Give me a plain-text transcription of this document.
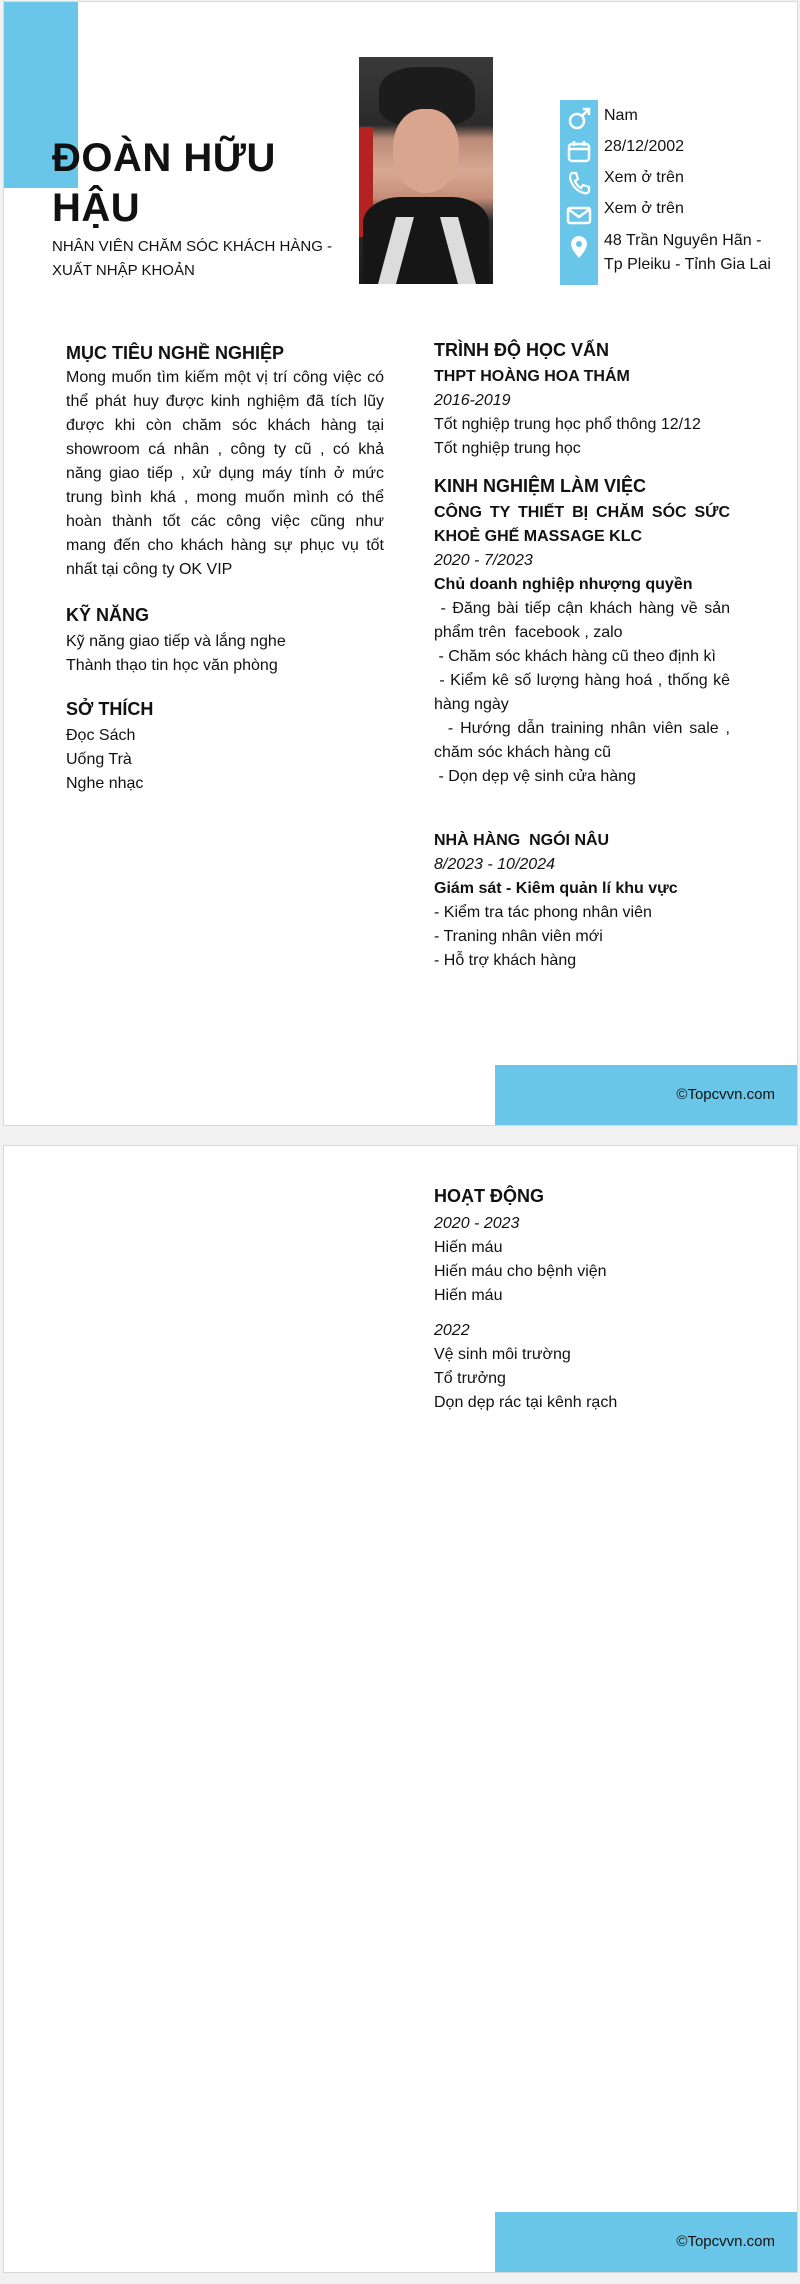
ĐOÀN HỮU HẬU

NHÂN VIÊN CHĂM SÓC KHÁCH HÀNG - XUẤT NHẬP KHOẢN

Nam

28/12/2002

Xem ở trên

Xem ở trên

48 Trần Nguyên Hãn - Tp Pleiku - Tỉnh Gia Lai

MỤC TIÊU NGHỀ NGHIỆP

Mong muốn tìm kiếm một vị trí công việc có thể phát huy được kinh nghiệm đã tích lũy được khi còn chăm sóc khách hàng tại showroom cá nhân , công ty cũ , có khả năng giao tiếp , xử dụng máy tính ở mức trung bình khá , mong muốn mình có thể hoàn thành tốt các công việc cũng như mang đến cho khách hàng sự phục vụ tốt nhất tại công ty OK VIP

KỸ NĂNG

Kỹ năng giao tiếp và lắng nghe

Thành thạo tin học văn phòng

SỞ THÍCH

Đọc Sách

Uống Trà

Nghe nhạc

TRÌNH ĐỘ HỌC VẤN

THPT HOÀNG HOA THÁM

2016-2019

Tốt nghiệp trung học phổ thông 12/12

Tốt nghiệp trung học

KINH NGHIỆM LÀM VIỆC

CÔNG TY THIẾT BỊ CHĂM SÓC SỨC KHOẺ GHẾ MASSAGE KLC

2020 - 7/2023

Chủ doanh nghiệp nhượng quyền

- Đăng bài tiếp cận khách hàng về sản phẩm trên  facebook , zalo

- Chăm sóc khách hàng cũ theo định kì

- Kiểm kê số lượng hàng hoá , thống kê hàng ngày

- Hướng dẫn training nhân viên sale , chăm sóc khách hàng cũ

- Dọn dẹp vệ sinh cửa hàng

NHÀ HÀNG  NGÓI NÂU

8/2023 - 10/2024

Giám sát - Kiêm quản lí khu vực

- Kiểm tra tác phong nhân viên

- Traning nhân viên mới

- Hỗ trợ khách hàng

©Topcvvn.com
HOẠT ĐỘNG

2020 - 2023

Hiến máu

Hiến máu cho bệnh viện

Hiến máu

2022

Vệ sinh môi trường

Tổ trưởng

Dọn dẹp rác tại kênh rạch

©Topcvvn.com
